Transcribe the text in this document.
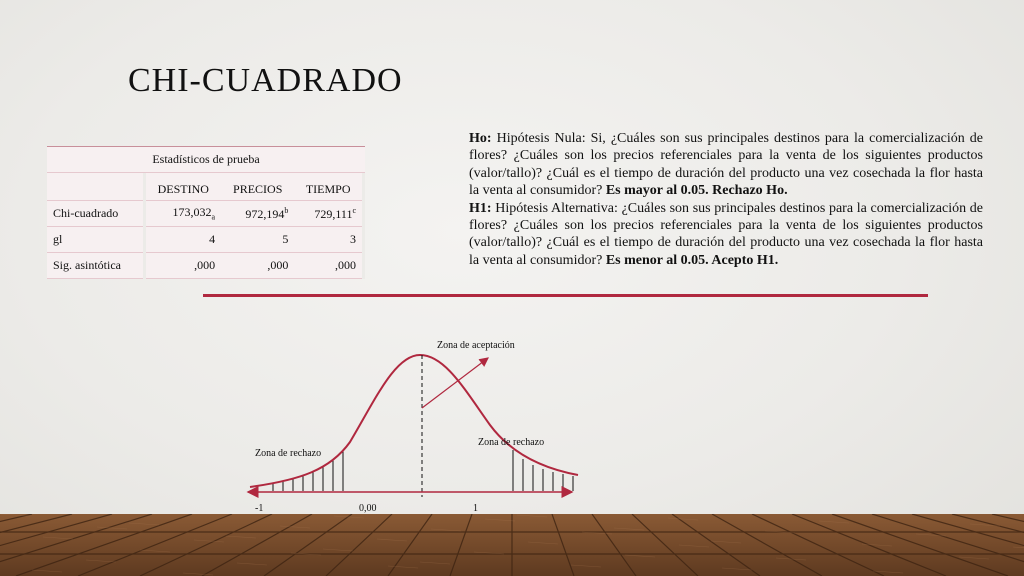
CHI-CUADRADO
Estadísticos de prueba					
		DESTINO	PRECIOS	TIEMPO	
Chi-cuadrado		$173,032_a$	972,194$^b$	729,111$^c$	
gl		4	5	3	
Sig. asintótica		,000	,000	,000	

Ho: Hipótesis Nula: Si, ¿Cuáles son sus principales destinos para la comercialización de flores? ¿Cuáles son los precios referenciales para la venta de los siguientes productos (valor/tallo)? ¿Cuál es el tiempo de duración del producto una vez cosechada la flor hasta la venta al consumidor? Es mayor al 0.05. Rechazo Ho.

H1: Hipótesis Alternativa: ¿Cuáles son sus principales destinos para la comercialización de flores? ¿Cuáles son los precios referenciales para la venta de los siguientes productos (valor/tallo)? ¿Cuál es el tiempo de duración del producto una vez cosechada la flor hasta la venta al consumidor? Es menor al 0.05. Acepto H1.

Zona de aceptación
Zona de rechazo
Zona de rechazo
-1	0,00	1
